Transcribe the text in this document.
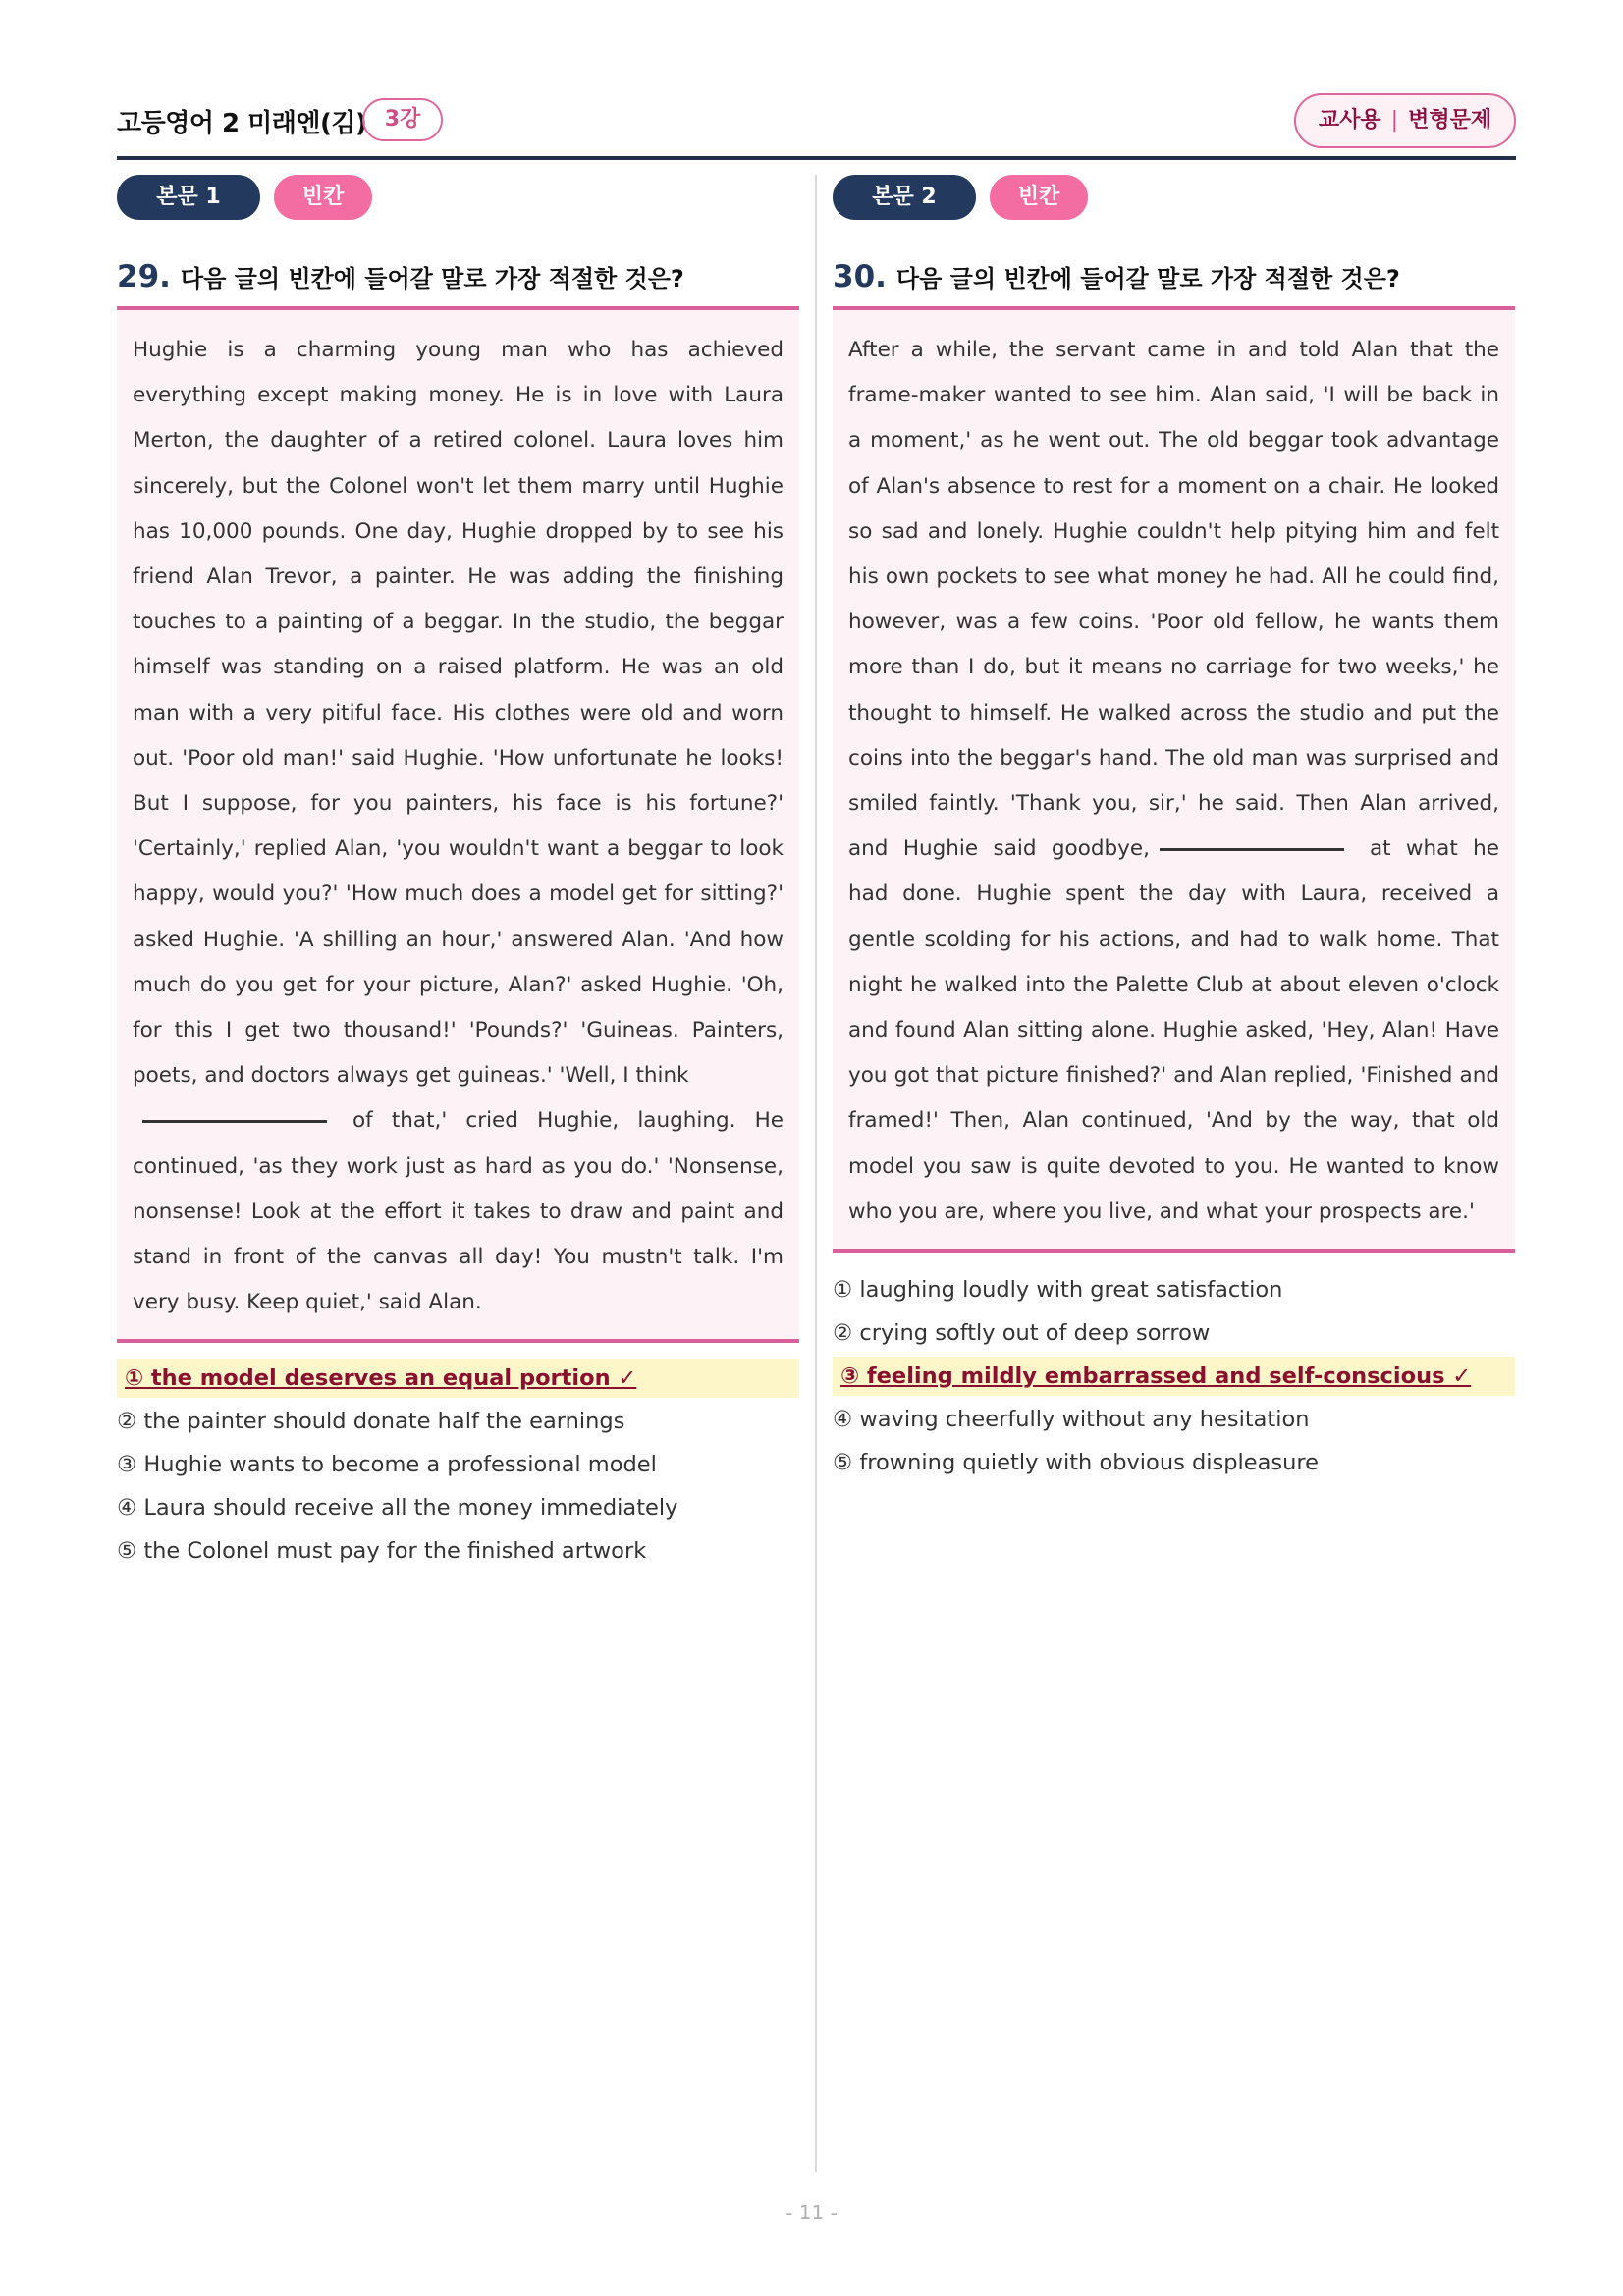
고등영어 2 미래엔(김) 3강	교사용 | 변형문제
본문 1	빈칸
29. 다음 글의 빈칸에 들어갈 말로 가장 적절한 것은?
Hughie is a charming young man who has achieved everything except making money. He is in love with Laura Merton, the daughter of a retired colonel. Laura loves him sincerely, but the Colonel won't let them marry until Hughie has 10,000 pounds. One day, Hughie dropped by to see his friend Alan Trevor, a painter. He was adding the finishing touches to a painting of a beggar. In the studio, the beggar himself was standing on a raised platform. He was an old man with a very pitiful face. His clothes were old and worn out. 'Poor old man!' said Hughie. 'How unfortunate he looks! But I suppose, for you painters, his face is his fortune?' 'Certainly,' replied Alan, 'you wouldn't want a beggar to look happy, would you?' 'How much does a model get for sitting?' asked Hughie. 'A shilling an hour,' answered Alan. 'And how much do you get for your picture, Alan?' asked Hughie. 'Oh, for this I get two thousand!' 'Pounds?' 'Guineas. Painters, poets, and doctors always get guineas.' 'Well, I think
of that,' cried Hughie, laughing. He continued, 'as they work just as hard as you do.' 'Nonsense, nonsense! Look at the effort it takes to draw and paint and stand in front of the canvas all day! You mustn't talk. I'm very busy. Keep quiet,' said Alan.
① the model deserves an equal portion ✓
② the painter should donate half the earnings
③ Hughie wants to become a professional model
④ Laura should receive all the money immediately
⑤ the Colonel must pay for the finished artwork
본문 2	빈칸
30. 다음 글의 빈칸에 들어갈 말로 가장 적절한 것은?
After a while, the servant came in and told Alan that the frame-maker wanted to see him. Alan said, 'I will be back in a moment,' as he went out. The old beggar took advantage of Alan's absence to rest for a moment on a chair. He looked so sad and lonely. Hughie couldn't help pitying him and felt his own pockets to see what money he had. All he could find, however, was a few coins. 'Poor old fellow, he wants them more than I do, but it means no carriage for two weeks,' he thought to himself. He walked across the studio and put the coins into the beggar's hand. The old man was surprised and smiled faintly. 'Thank you, sir,' he said. Then Alan arrived, and Hughie said goodbye,	at what he had done. Hughie spent the day with Laura, received a gentle scolding for his actions, and had to walk home. That night he walked into the Palette Club at about eleven o'clock and found Alan sitting alone. Hughie asked, 'Hey, Alan! Have you got that picture finished?' and Alan replied, 'Finished and framed!' Then, Alan continued, 'And by the way, that old model you saw is quite devoted to you. He wanted to know who you are, where you live, and what your prospects are.'
① laughing loudly with great satisfaction
② crying softly out of deep sorrow
③ feeling mildly embarrassed and self-conscious ✓
④ waving cheerfully without any hesitation
⑤ frowning quietly with obvious displeasure
- 11 -
